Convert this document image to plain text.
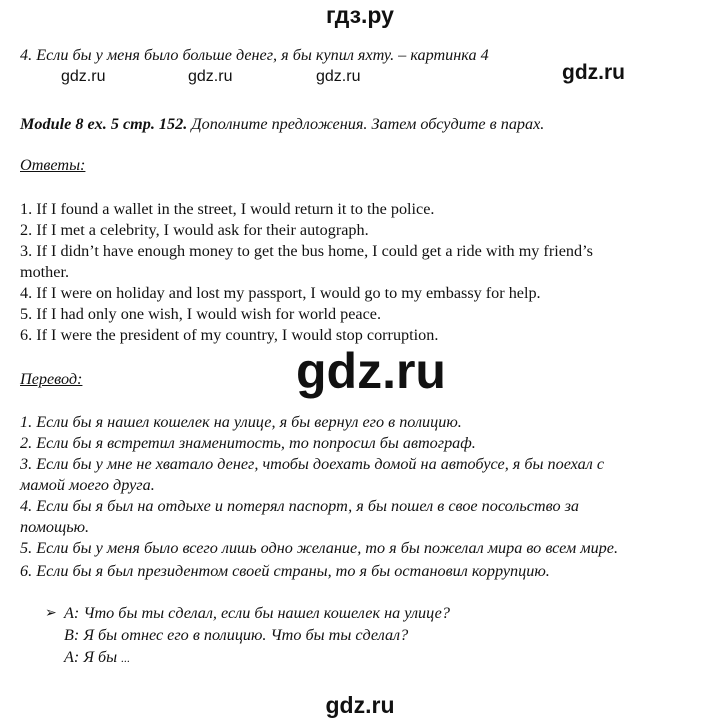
гдз.ру
4. Если бы у меня было больше денег, я бы купил яхту. – картинка 4
gdz.ru	gdz.ru	gdz.ru	gdz.ru
Module 8 ex. 5 стр. 152. Дополните предложения. Затем обсудите в парах.
Ответы:
1. If I found a wallet in the street, I would return it to the police.
2. If I met a celebrity, I would ask for their autograph.
3. If I didn’t have enough money to get the bus home, I could get a ride with my friend’s
mother.
4. If I were on holiday and lost my passport, I would go to my embassy for help.
5. If I had only one wish, I would wish for world peace.
6. If I were the president of my country, I would stop corruption.
gdz.ru
Перевод:
1. Если бы я нашел кошелек на улице, я бы вернул его в полицию.
2. Если бы я встретил знаменитость, то попросил бы автограф.
3. Если бы у мне не хватало денег, чтобы доехать домой на автобусе, я бы поехал с
мамой моего друга.
4. Если бы я был на отдыхе и потерял паспорт, я бы пошел в свое посольство за
помощью.
5. Если бы у меня было всего лишь одно желание, то я бы пожелал мира во всем мире.
6. Если бы я был президентом своей страны, то я бы остановил коррупцию.
➢ A: Что бы ты сделал, если бы нашел кошелек на улице?
B: Я бы отнес его в полицию. Что бы ты сделал?
A: Я бы ...
gdz.ru
